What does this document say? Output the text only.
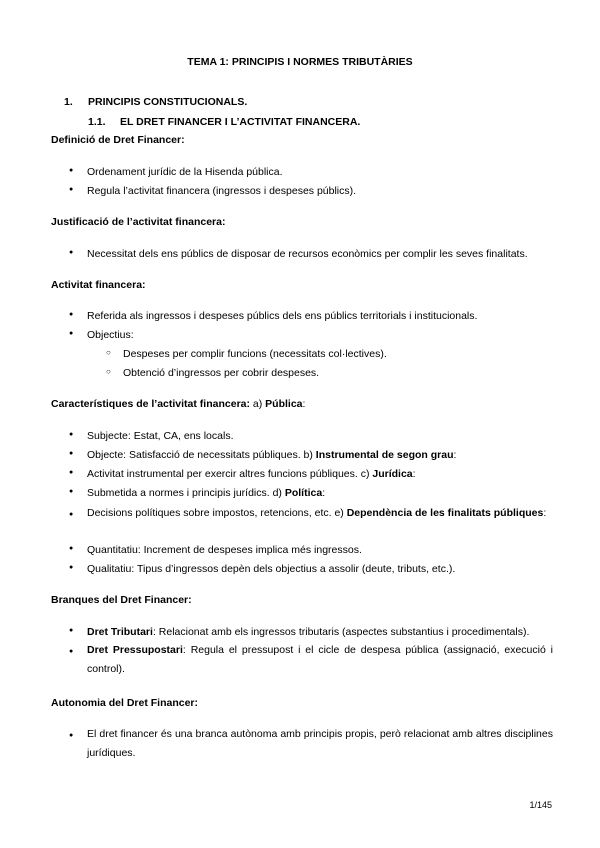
TEMA 1: PRINCIPIS I NORMES TRIBUTÀRIES
1. PRINCIPIS CONSTITUCIONALS.
1.1. EL DRET FINANCER I L’ACTIVITAT FINANCERA.
Definició de Dret Financer:
● Ordenament jurídic de la Hisenda pública.
● Regula l’activitat financera (ingressos i despeses públics).
Justificació de l’activitat financera:
● Necessitat dels ens públics de disposar de recursos econòmics per complir les seves finalitats.
Activitat financera:
● Referida als ingressos i despeses públics dels ens públics territorials i institucionals.
● Objectius:
○ Despeses per complir funcions (necessitats col·lectives).
○ Obtenció d’ingressos per cobrir despeses.
Característiques de l’activitat financera: a) Pública:
● Subjecte: Estat, CA, ens locals.
● Objecte: Satisfacció de necessitats públiques. b) Instrumental de segon grau:
● Activitat instrumental per exercir altres funcions públiques. c) Jurídica:
● Submetida a normes i principis jurídics. d) Política:
● Decisions polítiques sobre impostos, retencions, etc. e) Dependència de les finalitats públiques:
● Quantitatiu: Increment de despeses implica més ingressos.
● Qualitatiu: Tipus d’ingressos depèn dels objectius a assolir (deute, tributs, etc.).
Branques del Dret Financer:
● Dret Tributari: Relacionat amb els ingressos tributaris (aspectes substantius i procedimentals).
● Dret Pressupostari: Regula el pressupost i el cicle de despesa pública (assignació, execució i control).
Autonomia del Dret Financer:
● El dret financer és una branca autònoma amb principis propis, però relacionat amb altres disciplines jurídiques.
1/145
